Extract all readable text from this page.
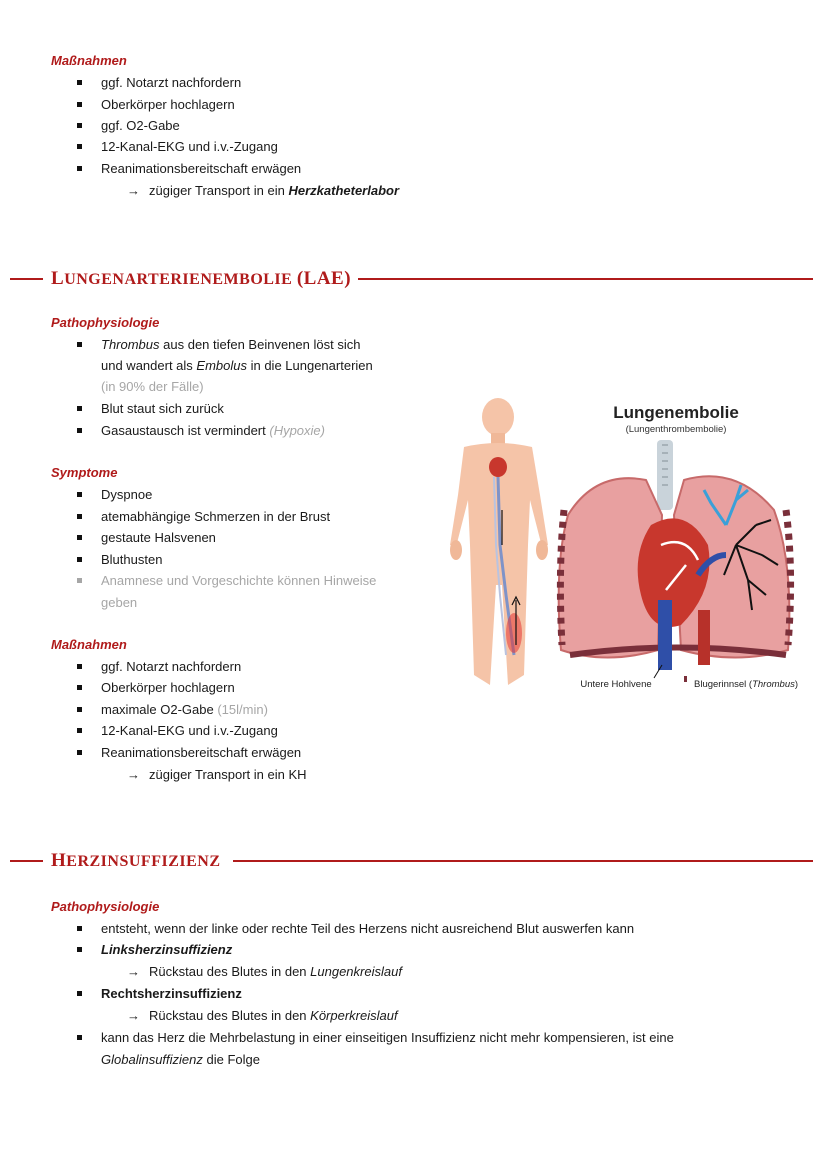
Maßnahmen
ggf. Notarzt nachfordern
Oberkörper hochlagern
ggf. O2-Gabe
12-Kanal-EKG und i.v.-Zugang
Reanimationsbereitschaft erwägen
→ zügiger Transport in ein Herzkatheterlabor
LUNGENARTERIENEMBOLIE (LAE)
Pathophysiologie
Thrombus aus den tiefen Beinvenen löst sich
und wandert als Embolus in die Lungenarterien
(in 90% der Fälle)
Blut staut sich zurück
Gasaustausch ist vermindert (Hypoxie)
Symptome
Dyspnoe
atemabhängige Schmerzen in der Brust
gestaute Halsvenen
Bluthusten
Anamnese und Vorgeschichte können Hinweise
geben
Maßnahmen
ggf. Notarzt nachfordern
Oberkörper hochlagern
maximale O2-Gabe (15l/min)
12-Kanal-EKG und i.v.-Zugang
Reanimationsbereitschaft erwägen
→ zügiger Transport in ein KH
Lungenembolie
(Lungenthrombembolie)
Untere Hohlvene	Blugerinnsel (Thrombus)
HERZINSUFFIZIENZ
Pathophysiologie
entsteht, wenn der linke oder rechte Teil des Herzens nicht ausreichend Blut auswerfen kann
Linksherzinsuffizienz
→ Rückstau des Blutes in den Lungenkreislauf
Rechtsherzinsuffizienz
→ Rückstau des Blutes in den Körperkreislauf
kann das Herz die Mehrbelastung in einer einseitigen Insuffizienz nicht mehr kompensieren, ist eine
Globalinsuffizienz die Folge
